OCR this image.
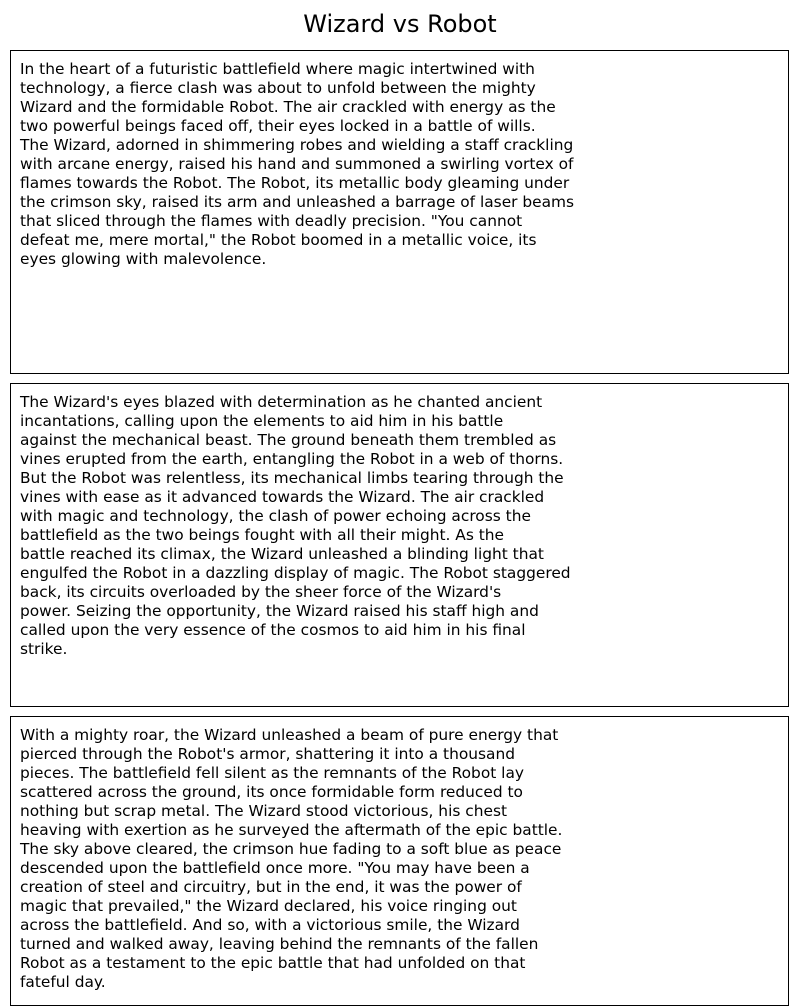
Wizard vs Robot

In the heart of a futuristic battlefield where magic intertwined with
technology, a fierce clash was about to unfold between the mighty
Wizard and the formidable Robot. The air crackled with energy as the
two powerful beings faced off, their eyes locked in a battle of wills.
The Wizard, adorned in shimmering robes and wielding a staff crackling
with arcane energy, raised his hand and summoned a swirling vortex of
flames towards the Robot. The Robot, its metallic body gleaming under
the crimson sky, raised its arm and unleashed a barrage of laser beams
that sliced through the flames with deadly precision. "You cannot
defeat me, mere mortal," the Robot boomed in a metallic voice, its
eyes glowing with malevolence.

The Wizard's eyes blazed with determination as he chanted ancient
incantations, calling upon the elements to aid him in his battle
against the mechanical beast. The ground beneath them trembled as
vines erupted from the earth, entangling the Robot in a web of thorns.
But the Robot was relentless, its mechanical limbs tearing through the
vines with ease as it advanced towards the Wizard. The air crackled
with magic and technology, the clash of power echoing across the
battlefield as the two beings fought with all their might. As the
battle reached its climax, the Wizard unleashed a blinding light that
engulfed the Robot in a dazzling display of magic. The Robot staggered
back, its circuits overloaded by the sheer force of the Wizard's
power. Seizing the opportunity, the Wizard raised his staff high and
called upon the very essence of the cosmos to aid him in his final
strike.

With a mighty roar, the Wizard unleashed a beam of pure energy that
pierced through the Robot's armor, shattering it into a thousand
pieces. The battlefield fell silent as the remnants of the Robot lay
scattered across the ground, its once formidable form reduced to
nothing but scrap metal. The Wizard stood victorious, his chest
heaving with exertion as he surveyed the aftermath of the epic battle.
The sky above cleared, the crimson hue fading to a soft blue as peace
descended upon the battlefield once more. "You may have been a
creation of steel and circuitry, but in the end, it was the power of
magic that prevailed," the Wizard declared, his voice ringing out
across the battlefield. And so, with a victorious smile, the Wizard
turned and walked away, leaving behind the remnants of the fallen
Robot as a testament to the epic battle that had unfolded on that
fateful day.
